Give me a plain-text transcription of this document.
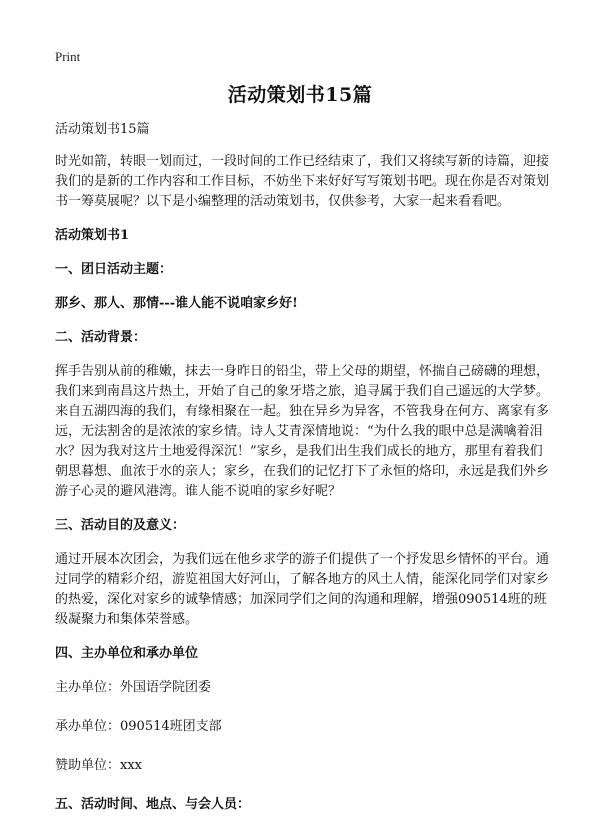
Print
活动策划书15篇

活动策划书15篇

时光如箭，转眼一划而过，一段时间的工作已经结束了，我们又将续写新的诗篇，迎接我们的是新的工作内容和工作目标，不妨坐下来好好写写策划书吧。现在你是否对策划书一筹莫展呢？以下是小编整理的活动策划书，仅供参考，大家一起来看看吧。

活动策划书1

一、团日活动主题：

那乡、那人、那情---谁人能不说咱家乡好!

二、活动背景：

挥手告别从前的稚嫩，抹去一身昨日的铅尘，带上父母的期望，怀揣自己磅礴的理想，我们来到南昌这片热土，开始了自己的象牙塔之旅，追寻属于我们自己遥远的大学梦。来自五湖四海的我们，有缘相聚在一起。独在异乡为异客，不管我身在何方、离家有多远，无法割舍的是浓浓的家乡情。诗人艾青深情地说：“为什么我的眼中总是满噙着泪水？因为我对这片土地爱得深沉！”家乡，是我们出生我们成长的地方，那里有着我们朝思暮想、血浓于水的亲人；家乡，在我们的记忆打下了永恒的烙印，永远是我们外乡游子心灵的避风港湾。谁人能不说咱的家乡好呢？

三、活动目的及意义：

通过开展本次团会，为我们远在他乡求学的游子们提供了一个抒发思乡情怀的平台。通过同学的精彩介绍，游览祖国大好河山，了解各地方的风土人情，能深化同学们对家乡的热爱，深化对家乡的诚挚情感；加深同学们之间的沟通和理解，增强090514班的班级凝聚力和集体荣誉感。

四、主办单位和承办单位

主办单位：外国语学院团委

承办单位：090514班团支部

赞助单位：xxx

五、活动时间、地点、与会人员：
